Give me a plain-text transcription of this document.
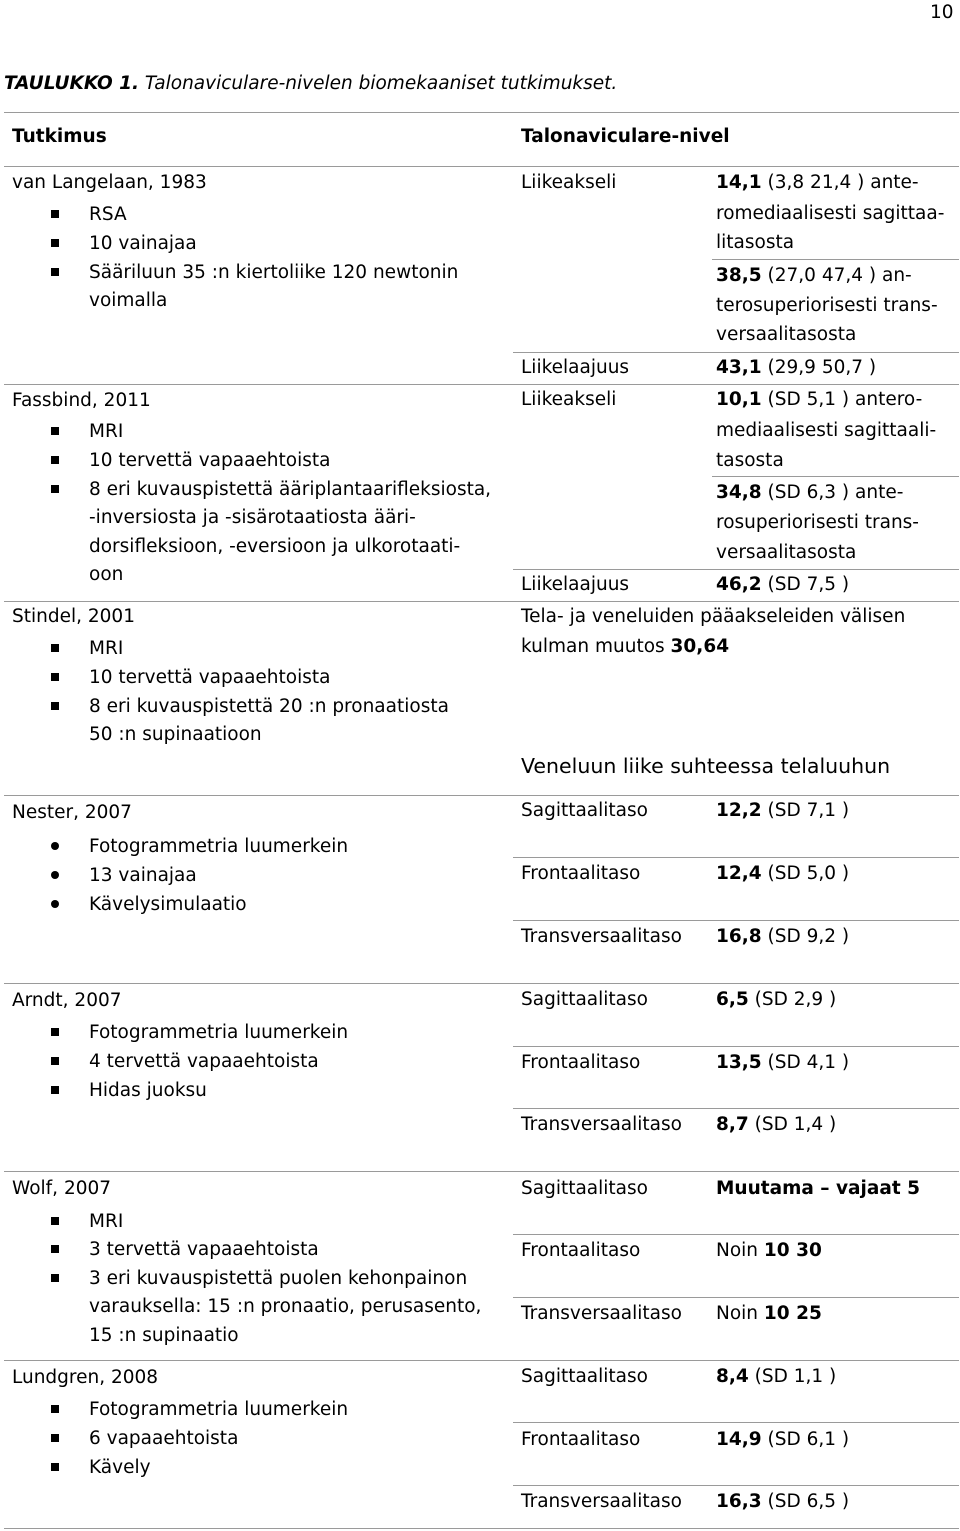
10
TAULUKKO 1. Talonaviculare-nivelen biomekaaniset tutkimukset.
Tutkimus	Talonaviculare-nivel
van Langelaan, 1983
RSA
10 vainajaa
Sääriluun 35 :n kiertoliike 120 newtonin
voimalla
Liikeakseli	14,1 (3,8 21,4 ) ante-
romediaalisesti sagittaa-
litasosta
38,5 (27,0 47,4 ) an-
terosuperiorisesti trans-
versaalitasosta
Liikelaajuus	43,1 (29,9 50,7 )
Fassbind, 2011
MRI
10 tervettä vapaaehtoista
8 eri kuvauspistettä ääriplantaarifleksiosta,
-inversiosta ja -sisärotaatiosta ääri-
dorsifleksioon, -eversioon ja ulkorotaati-
oon
Liikeakseli	10,1 (SD 5,1 ) antero-
mediaalisesti sagittaali-
tasosta
34,8 (SD 6,3 ) ante-
rosuperiorisesti trans-
versaalitasosta
Liikelaajuus	46,2 (SD 7,5 )
Stindel, 2001
MRI
10 tervettä vapaaehtoista
8 eri kuvauspistettä 20 :n pronaatiosta
50 :n supinaatioon
Tela- ja veneluiden pääakseleiden välisen
kulman muutos 30,64
Veneluun liike suhteessa telaluuhun
Nester, 2007
Fotogrammetria luumerkein
13 vainajaa
Kävelysimulaatio
Sagittaalitaso	12,2 (SD 7,1 )
Frontaalitaso	12,4 (SD 5,0 )
Transversaalitaso 16,8 (SD 9,2 )
Arndt, 2007
Fotogrammetria luumerkein
4 tervettä vapaaehtoista
Hidas juoksu
Sagittaalitaso	6,5 (SD 2,9 )
Frontaalitaso	13,5 (SD 4,1 )
Transversaalitaso 8,7 (SD 1,4 )
Wolf, 2007
MRI
3 tervettä vapaaehtoista
3 eri kuvauspistettä puolen kehonpainon
varauksella: 15 :n pronaatio, perusasento,
15 :n supinaatio
Sagittaalitaso	Muutama – vajaat 5
Frontaalitaso	Noin 10 30
Transversaalitaso Noin 10 25
Lundgren, 2008
Fotogrammetria luumerkein
6 vapaaehtoista
Kävely
Sagittaalitaso	8,4 (SD 1,1 )
Frontaalitaso	14,9 (SD 6,1 )
Transversaalitaso 16,3 (SD 6,5 )
